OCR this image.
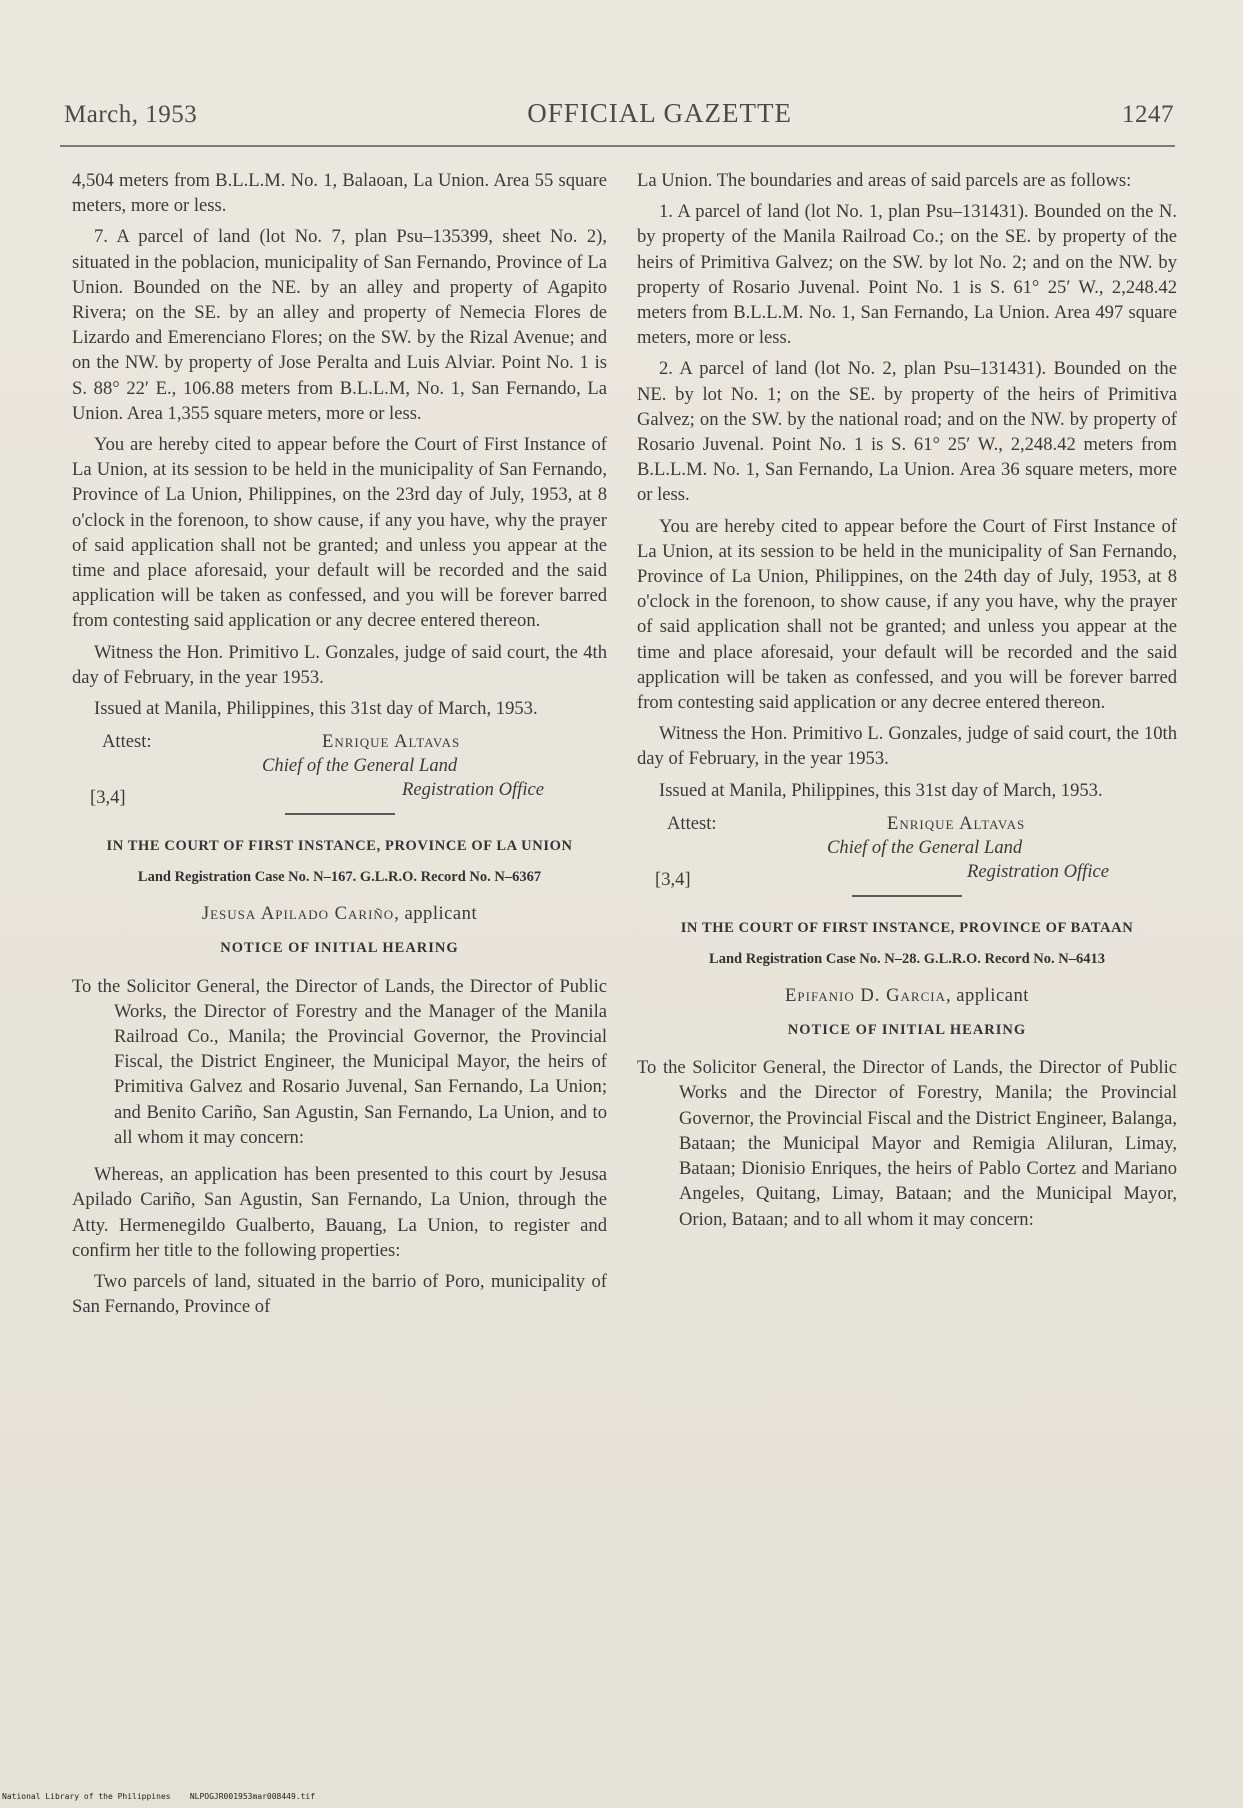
March, 1953	OFFICIAL GAZETTE	1247

4,504 meters from B.L.L.M. No. 1, Balaoan, La Union. Area 55 square meters, more or less.

7. A parcel of land (lot No. 7, plan Psu–135399, sheet No. 2), situated in the poblacion, municipality of San Fernando, Province of La Union. Bounded on the NE. by an alley and property of Agapito Rivera; on the SE. by an alley and property of Nemecia Flores de Lizardo and Emerenciano Flores; on the SW. by the Rizal Avenue; and on the NW. by property of Jose Peralta and Luis Alviar. Point No. 1 is S. 88° 22′ E., 106.88 meters from B.L.L.M, No. 1, San Fernando, La Union. Area 1,355 square meters, more or less.

You are hereby cited to appear before the Court of First Instance of La Union, at its session to be held in the municipality of San Fernando, Province of La Union, Philippines, on the 23rd day of July, 1953, at 8 o'clock in the forenoon, to show cause, if any you have, why the prayer of said application shall not be granted; and unless you appear at the time and place aforesaid, your default will be recorded and the said application will be taken as confessed, and you will be forever barred from contesting said application or any decree entered thereon.

Witness the Hon. Primitivo L. Gonzales, judge of said court, the 4th day of February, in the year 1953.

Issued at Manila, Philippines, this 31st day of March, 1953.

Attest:	Enrique Altavas
Chief of the General Land
Registration Office
[3,4]
IN THE COURT OF FIRST INSTANCE, PROVINCE OF LA UNION
Land Registration Case No. N–167. G.L.R.O. Record No. N–6367
Jesusa Apilado Cariño, applicant
NOTICE OF INITIAL HEARING

To the Solicitor General, the Director of Lands, the Director of Public Works, the Director of Forestry and the Manager of the Manila Railroad Co., Manila; the Provincial Governor, the Provincial Fiscal, the District Engineer, the Municipal Mayor, the heirs of Primitiva Galvez and Rosario Juvenal, San Fernando, La Union; and Benito Cariño, San Agustin, San Fernando, La Union, and to all whom it may concern:

Whereas, an application has been presented to this court by Jesusa Apilado Cariño, San Agustin, San Fernando, La Union, through the Atty. Hermenegildo Gualberto, Bauang, La Union, to register and confirm her title to the following properties:

Two parcels of land, situated in the barrio of Poro, municipality of San Fernando, Province of

La Union. The boundaries and areas of said parcels are as follows:

1. A parcel of land (lot No. 1, plan Psu–131431). Bounded on the N. by property of the Manila Railroad Co.; on the SE. by property of the heirs of Primitiva Galvez; on the SW. by lot No. 2; and on the NW. by property of Rosario Juvenal. Point No. 1 is S. 61° 25′ W., 2,248.42 meters from B.L.L.M. No. 1, San Fernando, La Union. Area 497 square meters, more or less.

2. A parcel of land (lot No. 2, plan Psu–131431). Bounded on the NE. by lot No. 1; on the SE. by property of the heirs of Primitiva Galvez; on the SW. by the national road; and on the NW. by property of Rosario Juvenal. Point No. 1 is S. 61° 25′ W., 2,248.42 meters from B.L.L.M. No. 1, San Fernando, La Union. Area 36 square meters, more or less.

You are hereby cited to appear before the Court of First Instance of La Union, at its session to be held in the municipality of San Fernando, Province of La Union, Philippines, on the 24th day of July, 1953, at 8 o'clock in the forenoon, to show cause, if any you have, why the prayer of said application shall not be granted; and unless you appear at the time and place aforesaid, your default will be recorded and the said application will be taken as confessed, and you will be forever barred from contesting said application or any decree entered thereon.

Witness the Hon. Primitivo L. Gonzales, judge of said court, the 10th day of February, in the year 1953.

Issued at Manila, Philippines, this 31st day of March, 1953.

Attest:	Enrique Altavas
Chief of the General Land
Registration Office
[3,4]
IN THE COURT OF FIRST INSTANCE, PROVINCE OF BATAAN
Land Registration Case No. N–28. G.L.R.O. Record No. N–6413
Epifanio D. Garcia, applicant
NOTICE OF INITIAL HEARING

To the Solicitor General, the Director of Lands, the Director of Public Works and the Director of Forestry, Manila; the Provincial Governor, the Provincial Fiscal and the District Engineer, Balanga, Bataan; the Municipal Mayor and Remigia Aliluran, Limay, Bataan; Dionisio Enriques, the heirs of Pablo Cortez and Mariano Angeles, Quitang, Limay, Bataan; and the Municipal Mayor, Orion, Bataan; and to all whom it may concern:

National Library of the Philippines    NLPOGJR001953mar008449.tif
